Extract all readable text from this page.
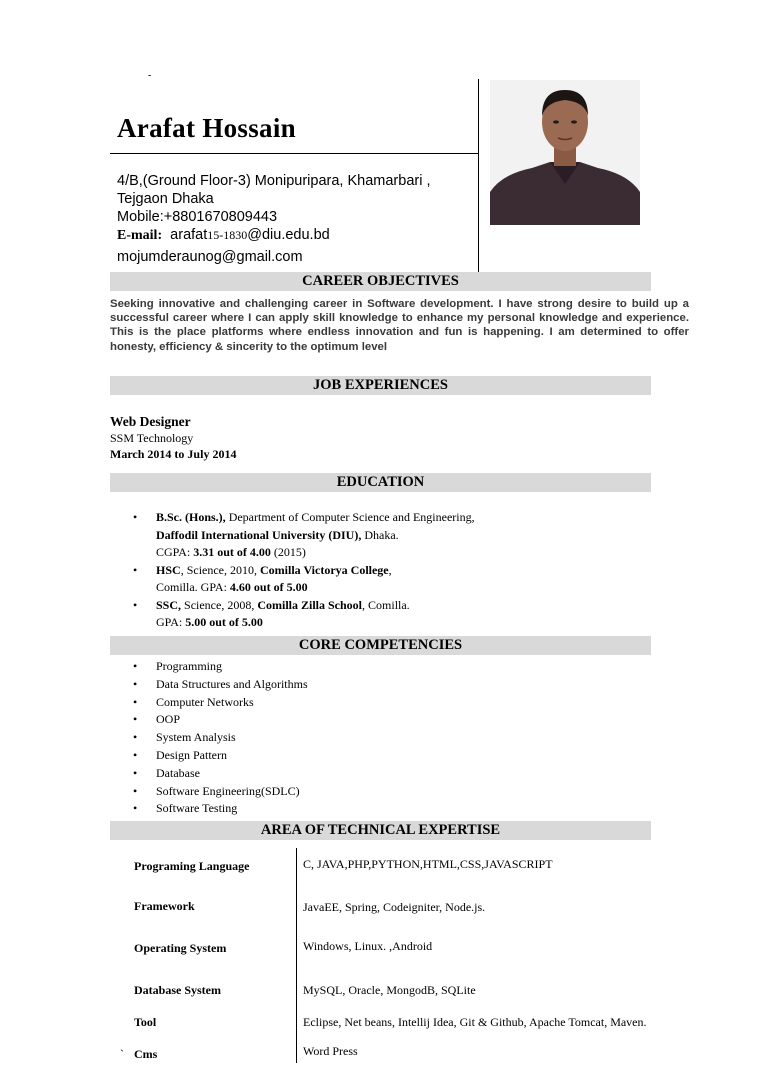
-
Arafat Hossain
4/B,(Ground Floor-3) Monipuripara, Khamarbari ,
Tejgaon Dhaka
Mobile:+8801670809443
E-mail: arafat15-1830@diu.edu.bd
mojumderaunog@gmail.com
CAREER OBJECTIVES
Seeking innovative and challenging career in Software development. I have strong desire to build up a successful career where I can apply skill knowledge to enhance my personal knowledge and experience. This is the place platforms where endless innovation and fun is happening. I am determined to offer honesty, efficiency & sincerity to the optimum level
JOB EXPERIENCES
Web Designer
SSM Technology
March 2014 to July 2014
EDUCATION
• B.Sc. (Hons.), Department of Computer Science and Engineering,
Daffodil International University (DIU), Dhaka.
CGPA: 3.31 out of 4.00 (2015)
• HSC, Science, 2010, Comilla Victorya College,
Comilla. GPA: 4.60 out of 5.00
• SSC, Science, 2008, Comilla Zilla School, Comilla.
GPA: 5.00 out of 5.00
CORE COMPETENCIES
• Programming
• Data Structures and Algorithms
• Computer Networks
• OOP
• System Analysis
• Design Pattern
• Database
• Software Engineering(SDLC)
• Software Testing
AREA OF TECHNICAL EXPERTISE
Programing Language	C, JAVA,PHP,PYTHON,HTML,CSS,JAVASCRIPT
Framework	JavaEE, Spring, Codeigniter, Node.js.
Operating System	Windows, Linux. ,Android
Database System	MySQL, Oracle, MongodB, SQLite
Tool	Eclipse, Net beans, Intellij Idea, Git & Github, Apache Tomcat, Maven.
Cms	Word Press
`
